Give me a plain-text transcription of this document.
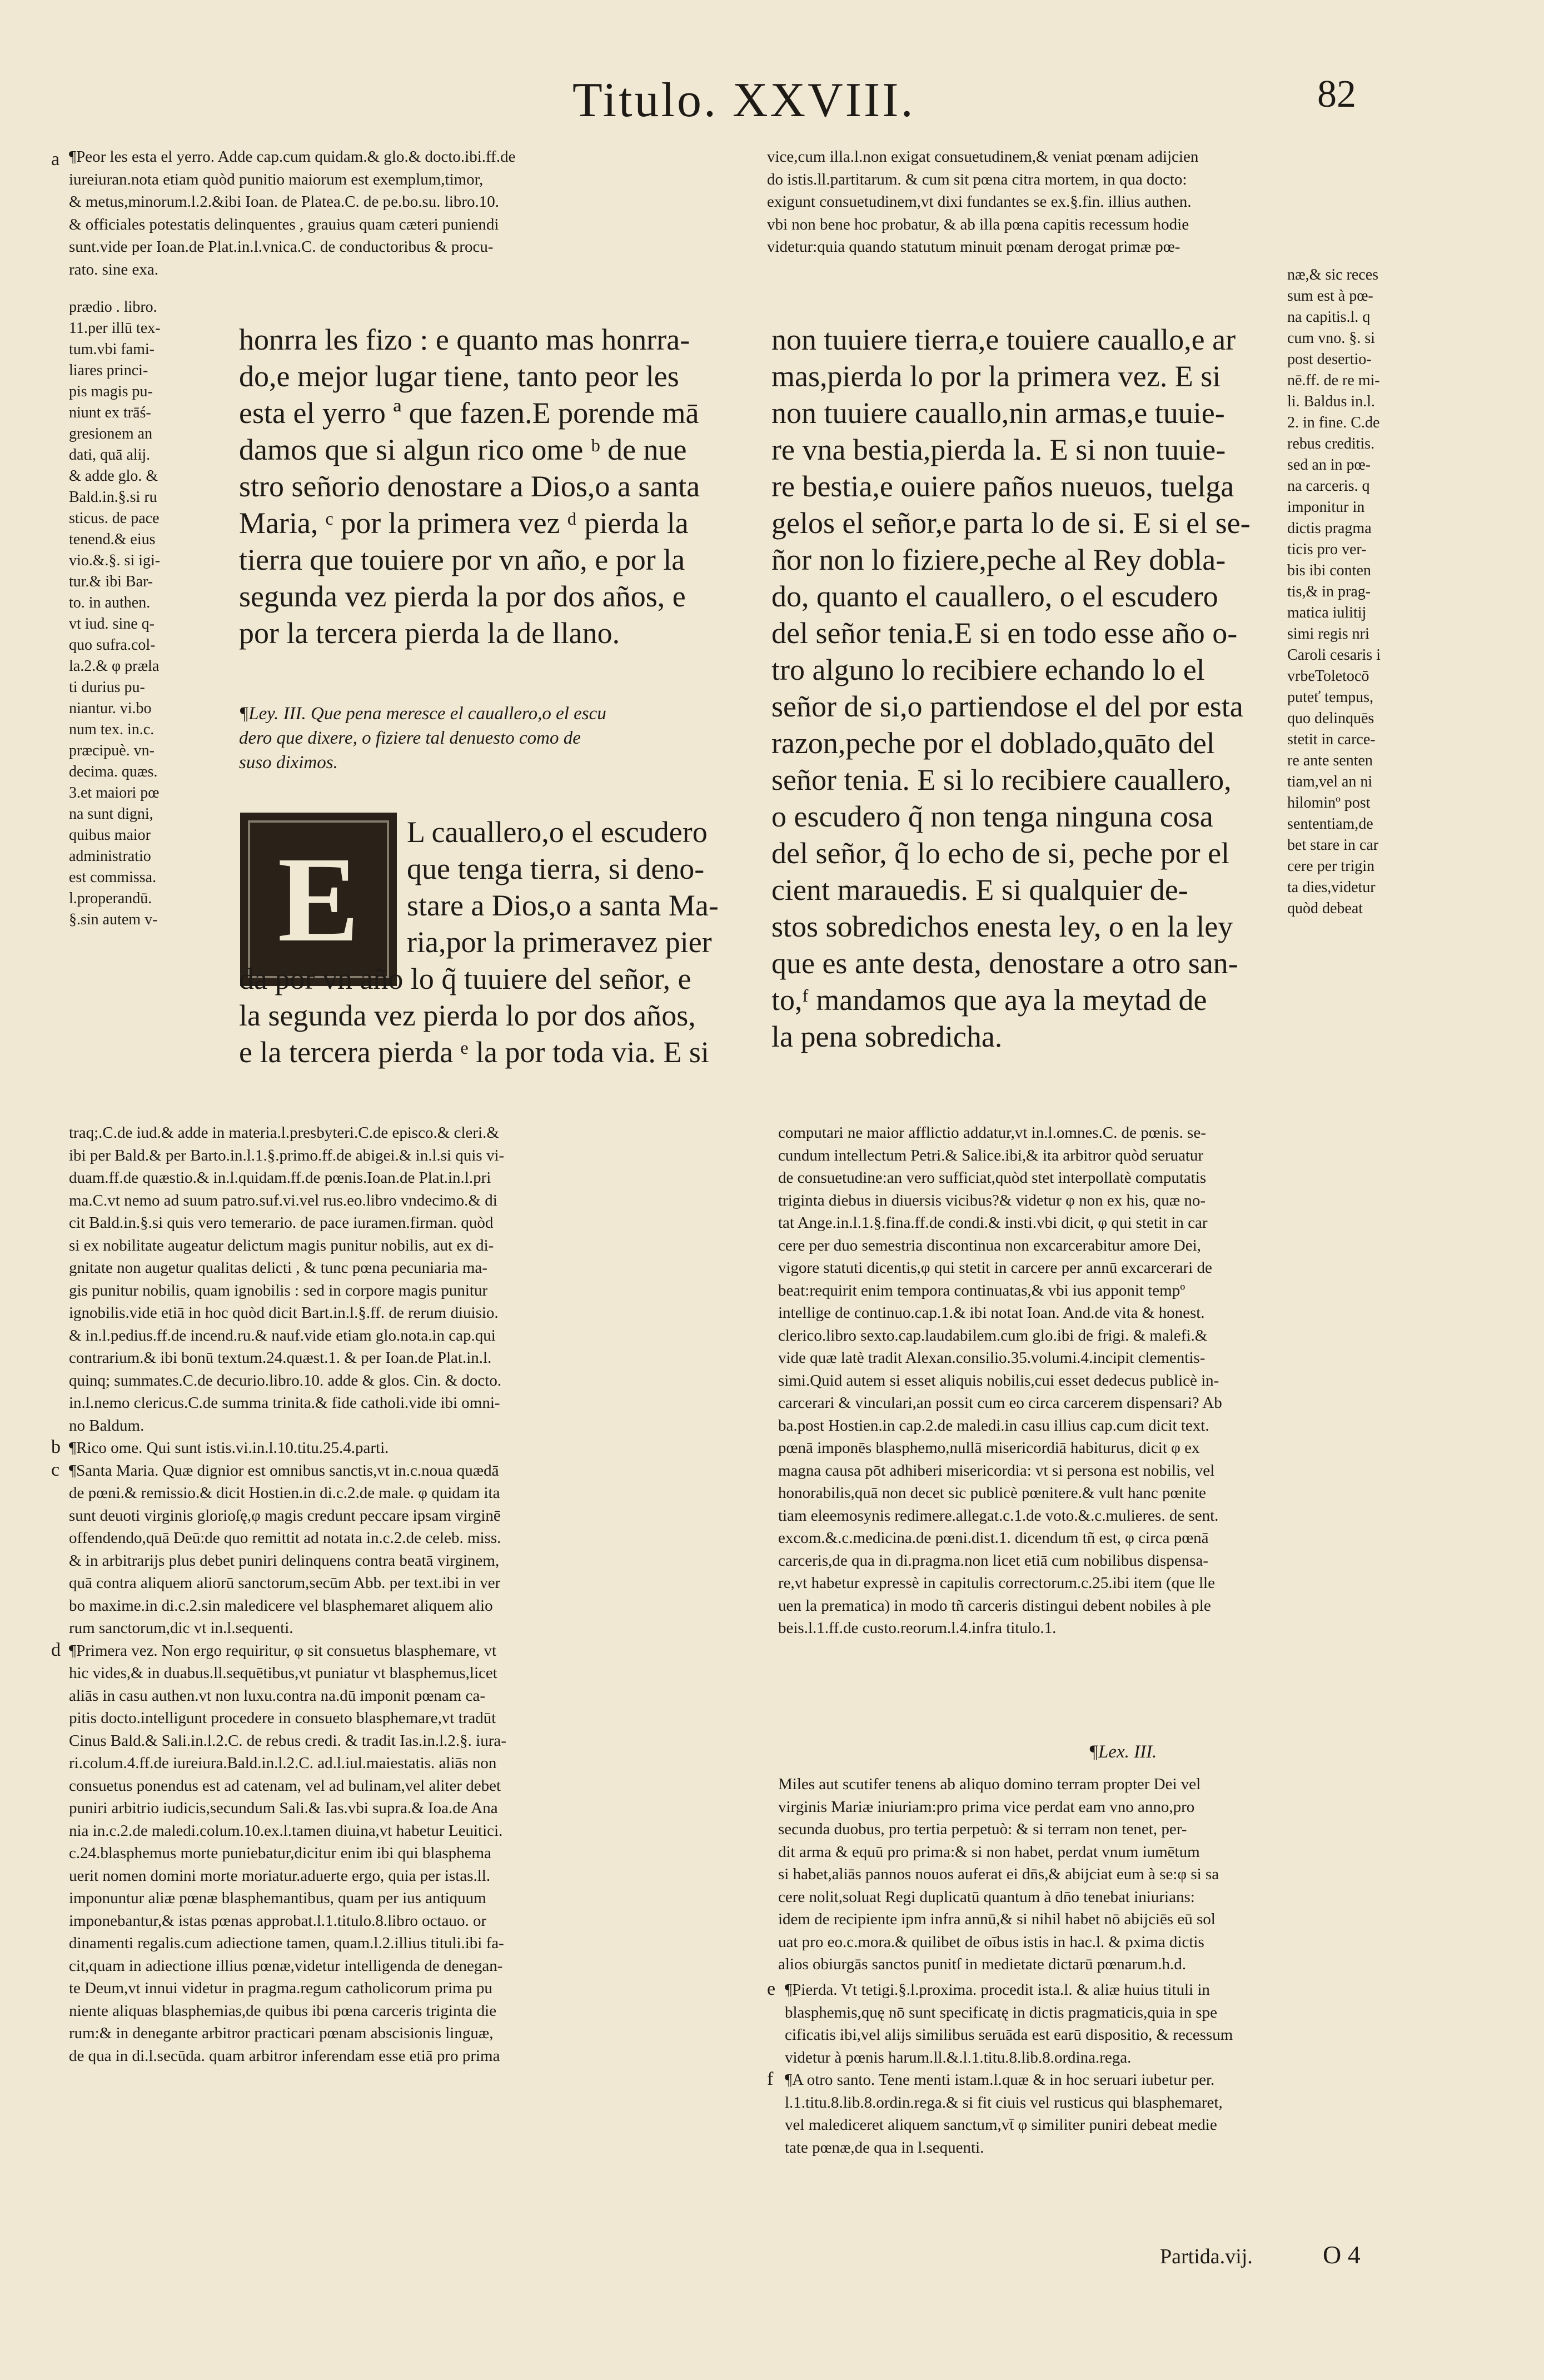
Titulo. XXVIII.	82
a ¶Peor les esta el yerro. Adde cap.cum quidam.& glo.& docto.ibi.ff.de
iureiuran.nota etiam quòd punitio maiorum est exemplum,timor,
& metus,minorum.l.2.&ibi Ioan. de Platea.C. de pe.bo.su. libro.10.
& officiales potestatis delinquentes , grauius quam cæteri puniendi
sunt.vide per Ioan.de Plat.in.l.vnica.C. de conductoribus & procu-
rato. sine exa.
vice,cum illa.l.non exigat consuetudinem,& veniat pœnam adijcien
do istis.ll.partitarum. & cum sit pœna citra mortem, in qua docto:
exigunt consuetudinem,vt dixi fundantes se ex.§.fin. illius authen.
vbi non bene hoc probatur, & ab illa pœna capitis recessum hodie
videtur:quia quando statutum minuit pœnam derogat primæ pœ-
prædio . libro.
11.per illū tex-
tum.vbi fami-
liares princi-
pis magis pu-
niunt ex trāś-
gresionem an
dati, quā alij.
& adde glo. &
Bald.in.§.si ru
sticus. de pace
tenend.& eius
vio.&.§. si igi-
tur.& ibi Bar-
to. in authen.
vt iud. sine q-
quo sufra.col-
la.2.& φ præla
ti durius pu-
niantur. vi.bo
num tex. in.c.
præcipuè. vn-
decima. quæs.
3.et maiori pœ
na sunt digni,
quibus maior
administratio
est commissa.
l.properandū.
§.sin autem v-
næ,& sic reces
sum est à pœ-
na capitis.l. q
cum vno. §. si
post desertio-
nē.ff. de re mi-
li. Baldus in.l.
2. in fine. C.de
rebus creditis.
sed an in pœ-
na carceris. q
imponitur in
dictis pragma
ticis pro ver-
bis ibi conten
tis,& in prag-
matica iulitij
simi regis nri
Caroli cesaris i
vrbeToletocō
puteť tempus,
quo delinquēs
stetit in carce-
re ante senten
tiam,vel an ni
hilominº post
sententiam,de
bet stare in car
cere per trigin
ta dies,videtur
quòd debeat
honrra les fizo : e quanto mas honrra-
do,e mejor lugar tiene, tanto peor les
esta el yerro ª que fazen.E porende mā
damos que si algun rico ome ᵇ de nue
stro señorio denostare a Dios,o a santa
Maria, ᶜ por la primera vez ᵈ pierda la
tierra que touiere por vn año, e por la
segunda vez pierda la por dos años, e
por la tercera pierda la de llano.
¶Ley. III. Que pena meresce el cauallero,o el escu
dero que dixere, o fiziere tal denuesto como de
suso diximos.
E	L cauallero,o el escudero
que tenga tierra, si deno-
stare a Dios,o a santa Ma-
ria,por la primeravez pier
da por vn año lo q̃ tuuiere del señor, e
la segunda vez pierda lo por dos años,
e la tercera pierda ᵉ la por toda via. E si
non tuuiere tierra,e touiere cauallo,e ar
mas,pierda lo por la primera vez. E si
non tuuiere cauallo,nin armas,e tuuie-
re vna bestia,pierda la. E si non tuuie-
re bestia,e ouiere paños nueuos, tuelga
gelos el señor,e parta lo de si. E si el se-
ñor non lo fiziere,peche al Rey dobla-
do, quanto el cauallero, o el escudero
del señor tenia.E si en todo esse año o-
tro alguno lo recibiere echando lo el
señor de si,o partiendose el del por esta
razon,peche por el doblado,quāto del
señor tenia. E si lo recibiere cauallero,
o escudero q̃ non tenga ninguna cosa
del señor, q̃ lo echo de si, peche por el
cient marauedis. E si qualquier de-
stos sobredichos enesta ley, o en la ley
que es ante desta, denostare a otro san-
to,ᶠ mandamos que aya la meytad de
la pena sobredicha.
traq;.C.de iud.& adde in materia.l.presbyteri.C.de episco.& cleri.&
ibi per Bald.& per Barto.in.l.1.§.primo.ff.de abigei.& in.l.si quis vi-
duam.ff.de quæstio.& in.l.quidam.ff.de pœnis.Ioan.de Plat.in.l.pri
ma.C.vt nemo ad suum patro.suf.vi.vel rus.eo.libro vndecimo.& di
cit Bald.in.§.si quis vero temerario. de pace iuramen.firman. quòd
si ex nobilitate augeatur delictum magis punitur nobilis, aut ex di-
gnitate non augetur qualitas delicti , & tunc pœna pecuniaria ma-
gis punitur nobilis, quam ignobilis : sed in corpore magis punitur
ignobilis.vide etiā in hoc quòd dicit Bart.in.l.§.ff. de rerum diuisio.
& in.l.pedius.ff.de incend.ru.& nauf.vide etiam glo.nota.in cap.qui
contrarium.& ibi bonū textum.24.quæst.1. & per Ioan.de Plat.in.l.
quinq; summates.C.de decurio.libro.10. adde & glos. Cin. & docto.
in.l.nemo clericus.C.de summa trinita.& fide catholi.vide ibi omni-
no Baldum.
b ¶Rico ome. Qui sunt istis.vi.in.l.10.titu.25.4.parti.
c ¶Santa Maria. Quæ dignior est omnibus sanctis,vt in.c.noua quædā
de pœni.& remissio.& dicit Hostien.in di.c.2.de male. φ quidam ita
sunt deuoti virginis glorioſę,φ magis credunt peccare ipsam virginē
offendendo,quā Deū:de quo remittit ad notata in.c.2.de celeb. miss.
& in arbitrarijs plus debet puniri delinquens contra beatā virginem,
quā contra aliquem aliorū sanctorum,secūm Abb. per text.ibi in ver
bo maxime.in di.c.2.sin maledicere vel blasphemaret aliquem alio
rum sanctorum,dic vt in.l.sequenti.
d ¶Primera vez. Non ergo requiritur, φ sit consuetus blasphemare, vt
hic vides,& in duabus.ll.sequētibus,vt puniatur vt blasphemus,licet
aliās in casu authen.vt non luxu.contra na.dū imponit pœnam ca-
pitis docto.intelligunt procedere in consueto blasphemare,vt tradūt
Cinus Bald.& Sali.in.l.2.C. de rebus credi. & tradit Ias.in.l.2.§. iura-
ri.colum.4.ff.de iureiura.Bald.in.l.2.C. ad.l.iul.maiestatis. aliās non
consuetus ponendus est ad catenam, vel ad bulinam,vel aliter debet
puniri arbitrio iudicis,secundum Sali.& Ias.vbi supra.& Ioa.de Ana
nia in.c.2.de maledi.colum.10.ex.l.tamen diuina,vt habetur Leuitici.
c.24.blasphemus morte puniebatur,dicitur enim ibi qui blasphema
uerit nomen domini morte moriatur.aduerte ergo, quia per istas.ll.
imponuntur aliæ pœnæ blasphemantibus, quam per ius antiquum
imponebantur,& istas pœnas approbat.l.1.titulo.8.libro octauo. or
dinamenti regalis.cum adiectione tamen, quam.l.2.illius tituli.ibi fa-
cit,quam in adiectione illius pœnæ,videtur intelligenda de denegan-
te Deum,vt innui videtur in pragma.regum catholicorum prima pu
niente aliquas blasphemias,de quibus ibi pœna carceris triginta die
rum:& in denegante arbitror practicari pœnam abscisionis linguæ,
de qua in di.l.secūda. quam arbitror inferendam esse etiā pro prima
computari ne maior afflictio addatur,vt in.l.omnes.C. de pœnis. se-
cundum intellectum Petri.& Salice.ibi,& ita arbitror quòd seruatur
de consuetudine:an vero sufficiat,quòd stet interpollatè computatis
triginta diebus in diuersis vicibus?& videtur φ non ex his, quæ no-
tat Ange.in.l.1.§.fina.ff.de condi.& insti.vbi dicit, φ qui stetit in car
cere per duo semestria discontinua non excarcerabitur amore Dei,
vigore statuti dicentis,φ qui stetit in carcere per annū excarcerari de
beat:requirit enim tempora continuatas,& vbi ius apponit tempº
intellige de continuo.cap.1.& ibi notat Ioan. And.de vita & honest.
clerico.libro sexto.cap.laudabilem.cum glo.ibi de frigi. & malefi.&
vide quæ latè tradit Alexan.consilio.35.volumi.4.incipit clementis-
simi.Quid autem si esset aliquis nobilis,cui esset dedecus publicè in-
carcerari & vinculari,an possit cum eo circa carcerem dispensari? Ab
ba.post Hostien.in cap.2.de maledi.in casu illius cap.cum dicit text.
pœnā imponēs blasphemo,nullā misericordiā habiturus, dicit φ ex
magna causa pōt adhiberi misericordia: vt si persona est nobilis, vel
honorabilis,quā non decet sic publicè pœnitere.& vult hanc pœnite
tiam eleemosynis redimere.allegat.c.1.de voto.&.c.mulieres. de sent.
excom.&.c.medicina.de pœni.dist.1. dicendum tñ est, φ circa pœnā
carceris,de qua in di.pragma.non licet etiā cum nobilibus dispensa-
re,vt habetur expressè in capitulis correctorum.c.25.ibi item (que lle
uen la prematica) in modo tñ carceris distingui debent nobiles à ple
beis.l.1.ff.de custo.reorum.l.4.infra titulo.1.
¶Lex. III.
Miles aut scutifer tenens ab aliquo domino terram propter Dei vel
virginis Mariæ iniuriam:pro prima vice perdat eam vno anno,pro
secunda duobus, pro tertia perpetuò: & si terram non tenet, per-
dit arma & equū pro prima:& si non habet, perdat vnum iumētum
si habet,aliās pannos nouos auferat ei dn̄s,& abijciat eum à se:φ si sa
cere nolit,soluat Regi duplicatū quantum à dn̄o tenebat iniurians:
idem de recipiente ipm infra annū,& si nihil habet nō abijciēs eū sol
uat pro eo.c.mora.& quilibet de oībus istis in hac.l. & pxima dictis
alios obiurgās sanctos punitſ in medietate dictarū pœnarum.h.d.
e ¶Pierda. Vt tetigi.§.l.proxima. procedit ista.l. & aliæ huius tituli in
blasphemis,quę nō sunt specificatę in dictis pragmaticis,quia in spe
cificatis ibi,vel alijs similibus seruāda est earū dispositio, & recessum
videtur à pœnis harum.ll.&.l.1.titu.8.lib.8.ordina.rega.
f ¶A otro santo. Tene menti istam.l.quæ & in hoc seruari iubetur per.
l.1.titu.8.lib.8.ordin.rega.& si fit ciuis vel rusticus qui blasphemaret,
vel malediceret aliquem sanctum,vt̄ φ similiter puniri debeat medie
tate pœnæ,de qua in l.sequenti.
Partida.vij.	O 4
